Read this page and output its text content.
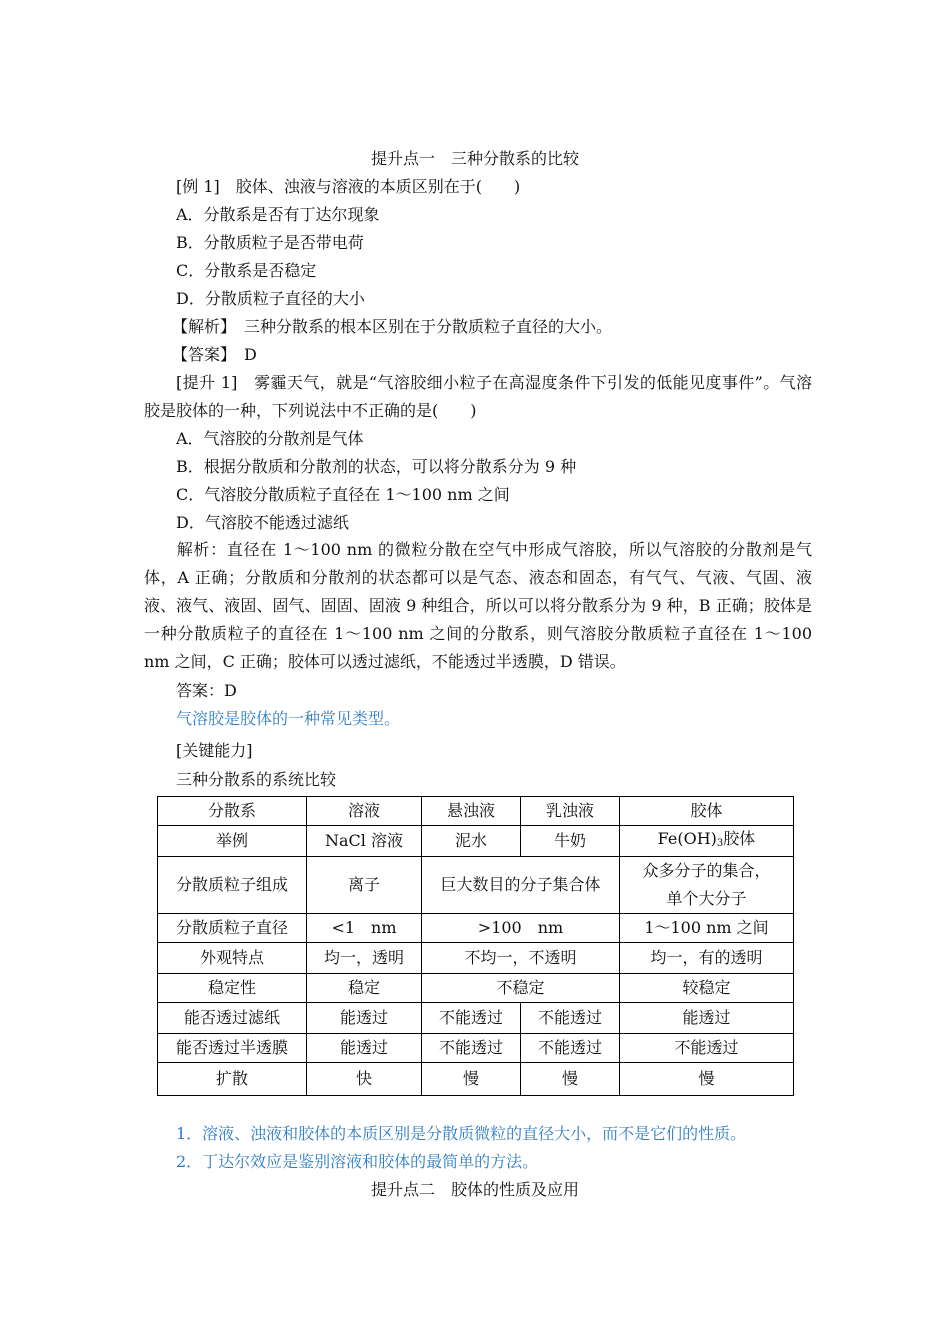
提升点一　三种分散系的比较
[例 1]　胶体、浊液与溶液的本质区别在于(　　)
A．分散系是否有丁达尔现象
B．分散质粒子是否带电荷
C．分散系是否稳定
D．分散质粒子直径的大小
【解析】　三种分散系的根本区别在于分散质粒子直径的大小。
【答案】　D
[提升 1]　雾霾天气，就是“气溶胶细小粒子在高湿度条件下引发的低能见度事件”。气溶胶是胶体的一种，下列说法中不正确的是(　　)
A．气溶胶的分散剂是气体
B．根据分散质和分散剂的状态，可以将分散系分为 9 种
C．气溶胶分散质粒子直径在 1～100 nm 之间
D．气溶胶不能透过滤纸
解析：直径在 1～100 nm 的微粒分散在空气中形成气溶胶，所以气溶胶的分散剂是气体，A 正确；分散质和分散剂的状态都可以是气态、液态和固态，有气气、气液、气固、液液、液气、液固、固气、固固、固液 9 种组合，所以可以将分散系分为 9 种，B 正确；胶体是一种分散质粒子的直径在 1～100 nm 之间的分散系，则气溶胶分散质粒子直径在 1～100 nm 之间，C 正确；胶体可以透过滤纸，不能透过半透膜，D 错误。
答案：D
气溶胶是胶体的一种常见类型。
[关键能力]
三种分散系的系统比较
分散系	溶液	悬浊液	乳浊液	胶体
举例	NaCl 溶液	泥水	牛奶	$Fe(OH)_3$胶体
分散质粒子组成	离子	巨大数目的分子集合体		众多分子的集合，
单个大分子

分散质粒子直径	<1　nm	>100　nm		1～100 nm 之间
外观特点	均一，透明	不均一，不透明		均一，有的透明
稳定性	稳定	不稳定		较稳定
能否透过滤纸	能透过	不能透过	不能透过	能透过
能否透过半透膜	能透过	不能透过	不能透过	不能透过
扩散	快	慢	慢	慢
1．溶液、浊液和胶体的本质区别是分散质微粒的直径大小，而不是它们的性质。
2．丁达尔效应是鉴别溶液和胶体的最简单的方法。
提升点二　胶体的性质及应用
